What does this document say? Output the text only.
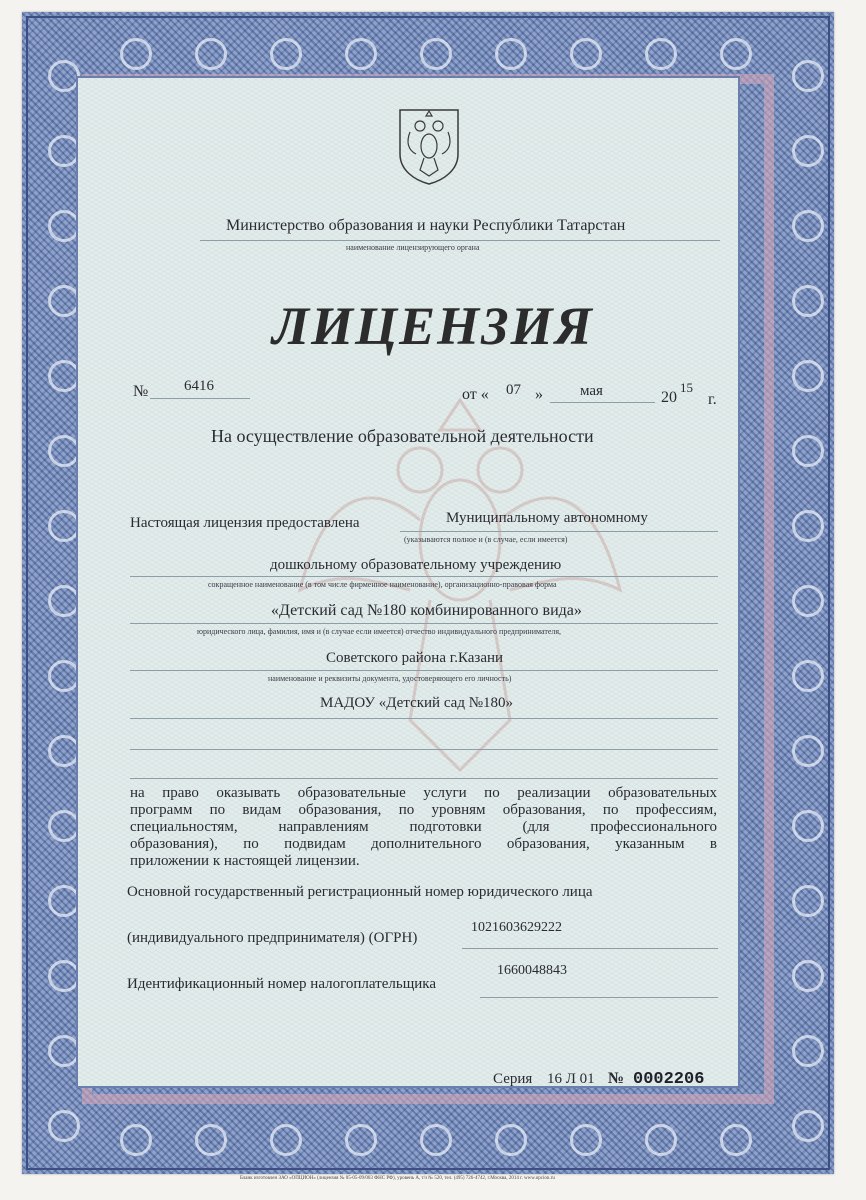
Министерство образования и науки Республики Татарстан
наименование лицензирующего органа
ЛИЦЕНЗИЯ
№ 6416	от « 07 » мая	20
15
г.
На осуществление образовательной деятельности
Настоящая лицензия предоставлена	Муниципальному автономному
(указываются полное и (в случае, если имеется)
дошкольному образовательному учреждению
сокращенное наименование (в том числе фирменное наименование), организационно-правовая форма
«Детский сад №180 комбинированного вида»
юридического лица, фамилия, имя и (в случае если имеется) отчество индивидуального предпринимателя,
Советского района г.Казани
наименование и реквизиты документа, удостоверяющего его личность)
МАДОУ «Детский сад №180»
на право оказывать образовательные услуги по реализации образовательных
программ по видам образования, по уровням образования, по профессиям,
специальностям, направлениям подготовки (для профессионального
образования), по подвидам дополнительного образования, указанным в
приложении к настоящей лицензии.
Основной государственный регистрационный номер юридического лица
(индивидуального предпринимателя) (ОГРН)
1021603629222
Идентификационный номер налогоплательщика
1660048843
Серия 16 Л 01 № 0002206
Бланк изготовлен ЗАО «ОПЦИОН» (лицензия № 05-05-09/003 ФНС РФ), уровень А, т/з № 520, тел. (495) 726-4742, г.Москва, 2014 г. www.opcion.ru
